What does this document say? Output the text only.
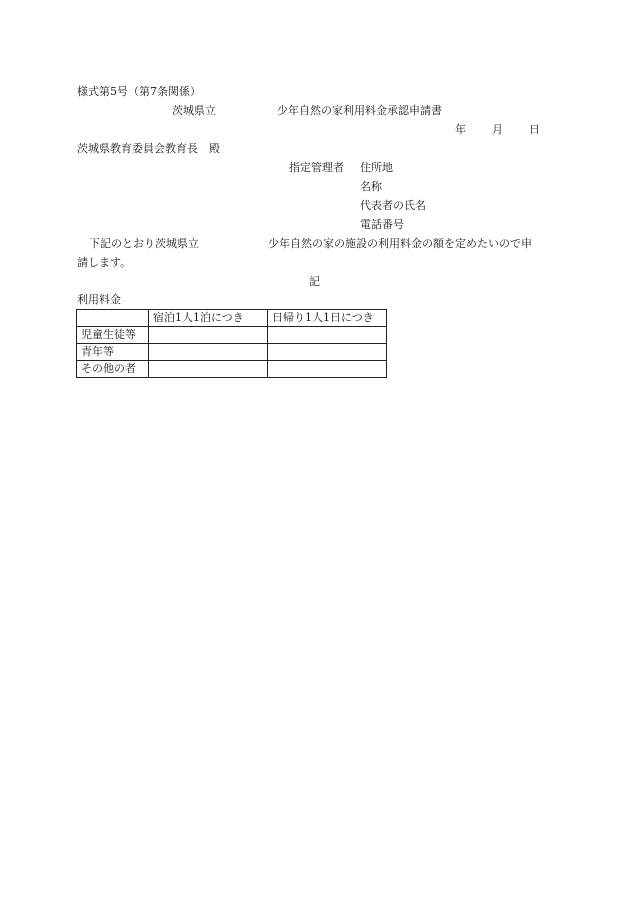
様式第5号（第7条関係）
茨城県立	少年自然の家利用料金承認申請書
年 月 日
茨城県教育委員会教育長　殿
指定管理者 住所地
名称
代表者の氏名
電話番号
下記のとおり茨城県立	少年自然の家の施設の利用料金の額を定めたいので申
請します。
記
利用料金
	宿泊1人1泊につき	日帰り1人1日につき
児童生徒等		
青年等		
その他の者		
